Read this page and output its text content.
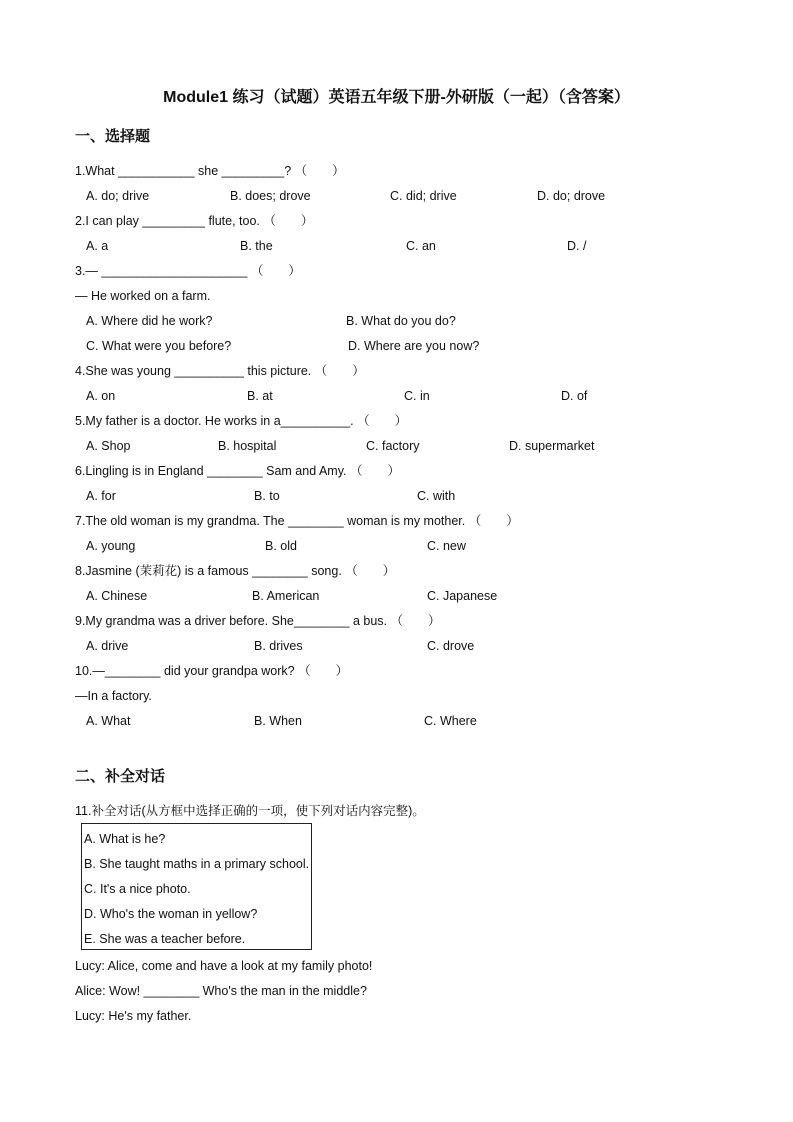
Module1 练习（试题）英语五年级下册-外研版（一起）（含答案）
一、选择题
1.What ___________ she _________? （　　）
A. do; drive	B. does; drove	C. did; drive	D. do; drove
2.I can play _________ flute, too. （　　）
A. a	B. the	C. an	D. /
3.— _____________________ （　　）
— He worked on a farm.
A. Where did he work?	B. What do you do?
C. What were you before?	D. Where are you now?
4.She was young __________ this picture. （　　）
A. on	B. at	C. in	D. of
5.My father is a doctor. He works in a__________. （　　）
A. Shop	B. hospital	C. factory	D. supermarket
6.Lingling is in England ________ Sam and Amy. （　　）
A. for	B. to	C. with
7.The old woman is my grandma. The ________ woman is my mother. （　　）
A. young	B. old	C. new
8.Jasmine (茉莉花) is a famous ________ song. （　　）
A. Chinese	B. American	C. Japanese
9.My grandma was a driver before. She________ a bus. （　　）
A. drive	B. drives	C. drove
10.—________ did your grandpa work? （　　）
—In a factory.
A. What	B. When	C. Where
二、补全对话
11.补全对话(从方框中选择正确的一项，使下列对话内容完整)。
A. What is he?
B. She taught maths in a primary school.
C. It's a nice photo.
D. Who's the woman in yellow?
E. She was a teacher before.
Lucy: Alice, come and have a look at my family photo!
Alice: Wow! ________ Who's the man in the middle?
Lucy: He's my father.
